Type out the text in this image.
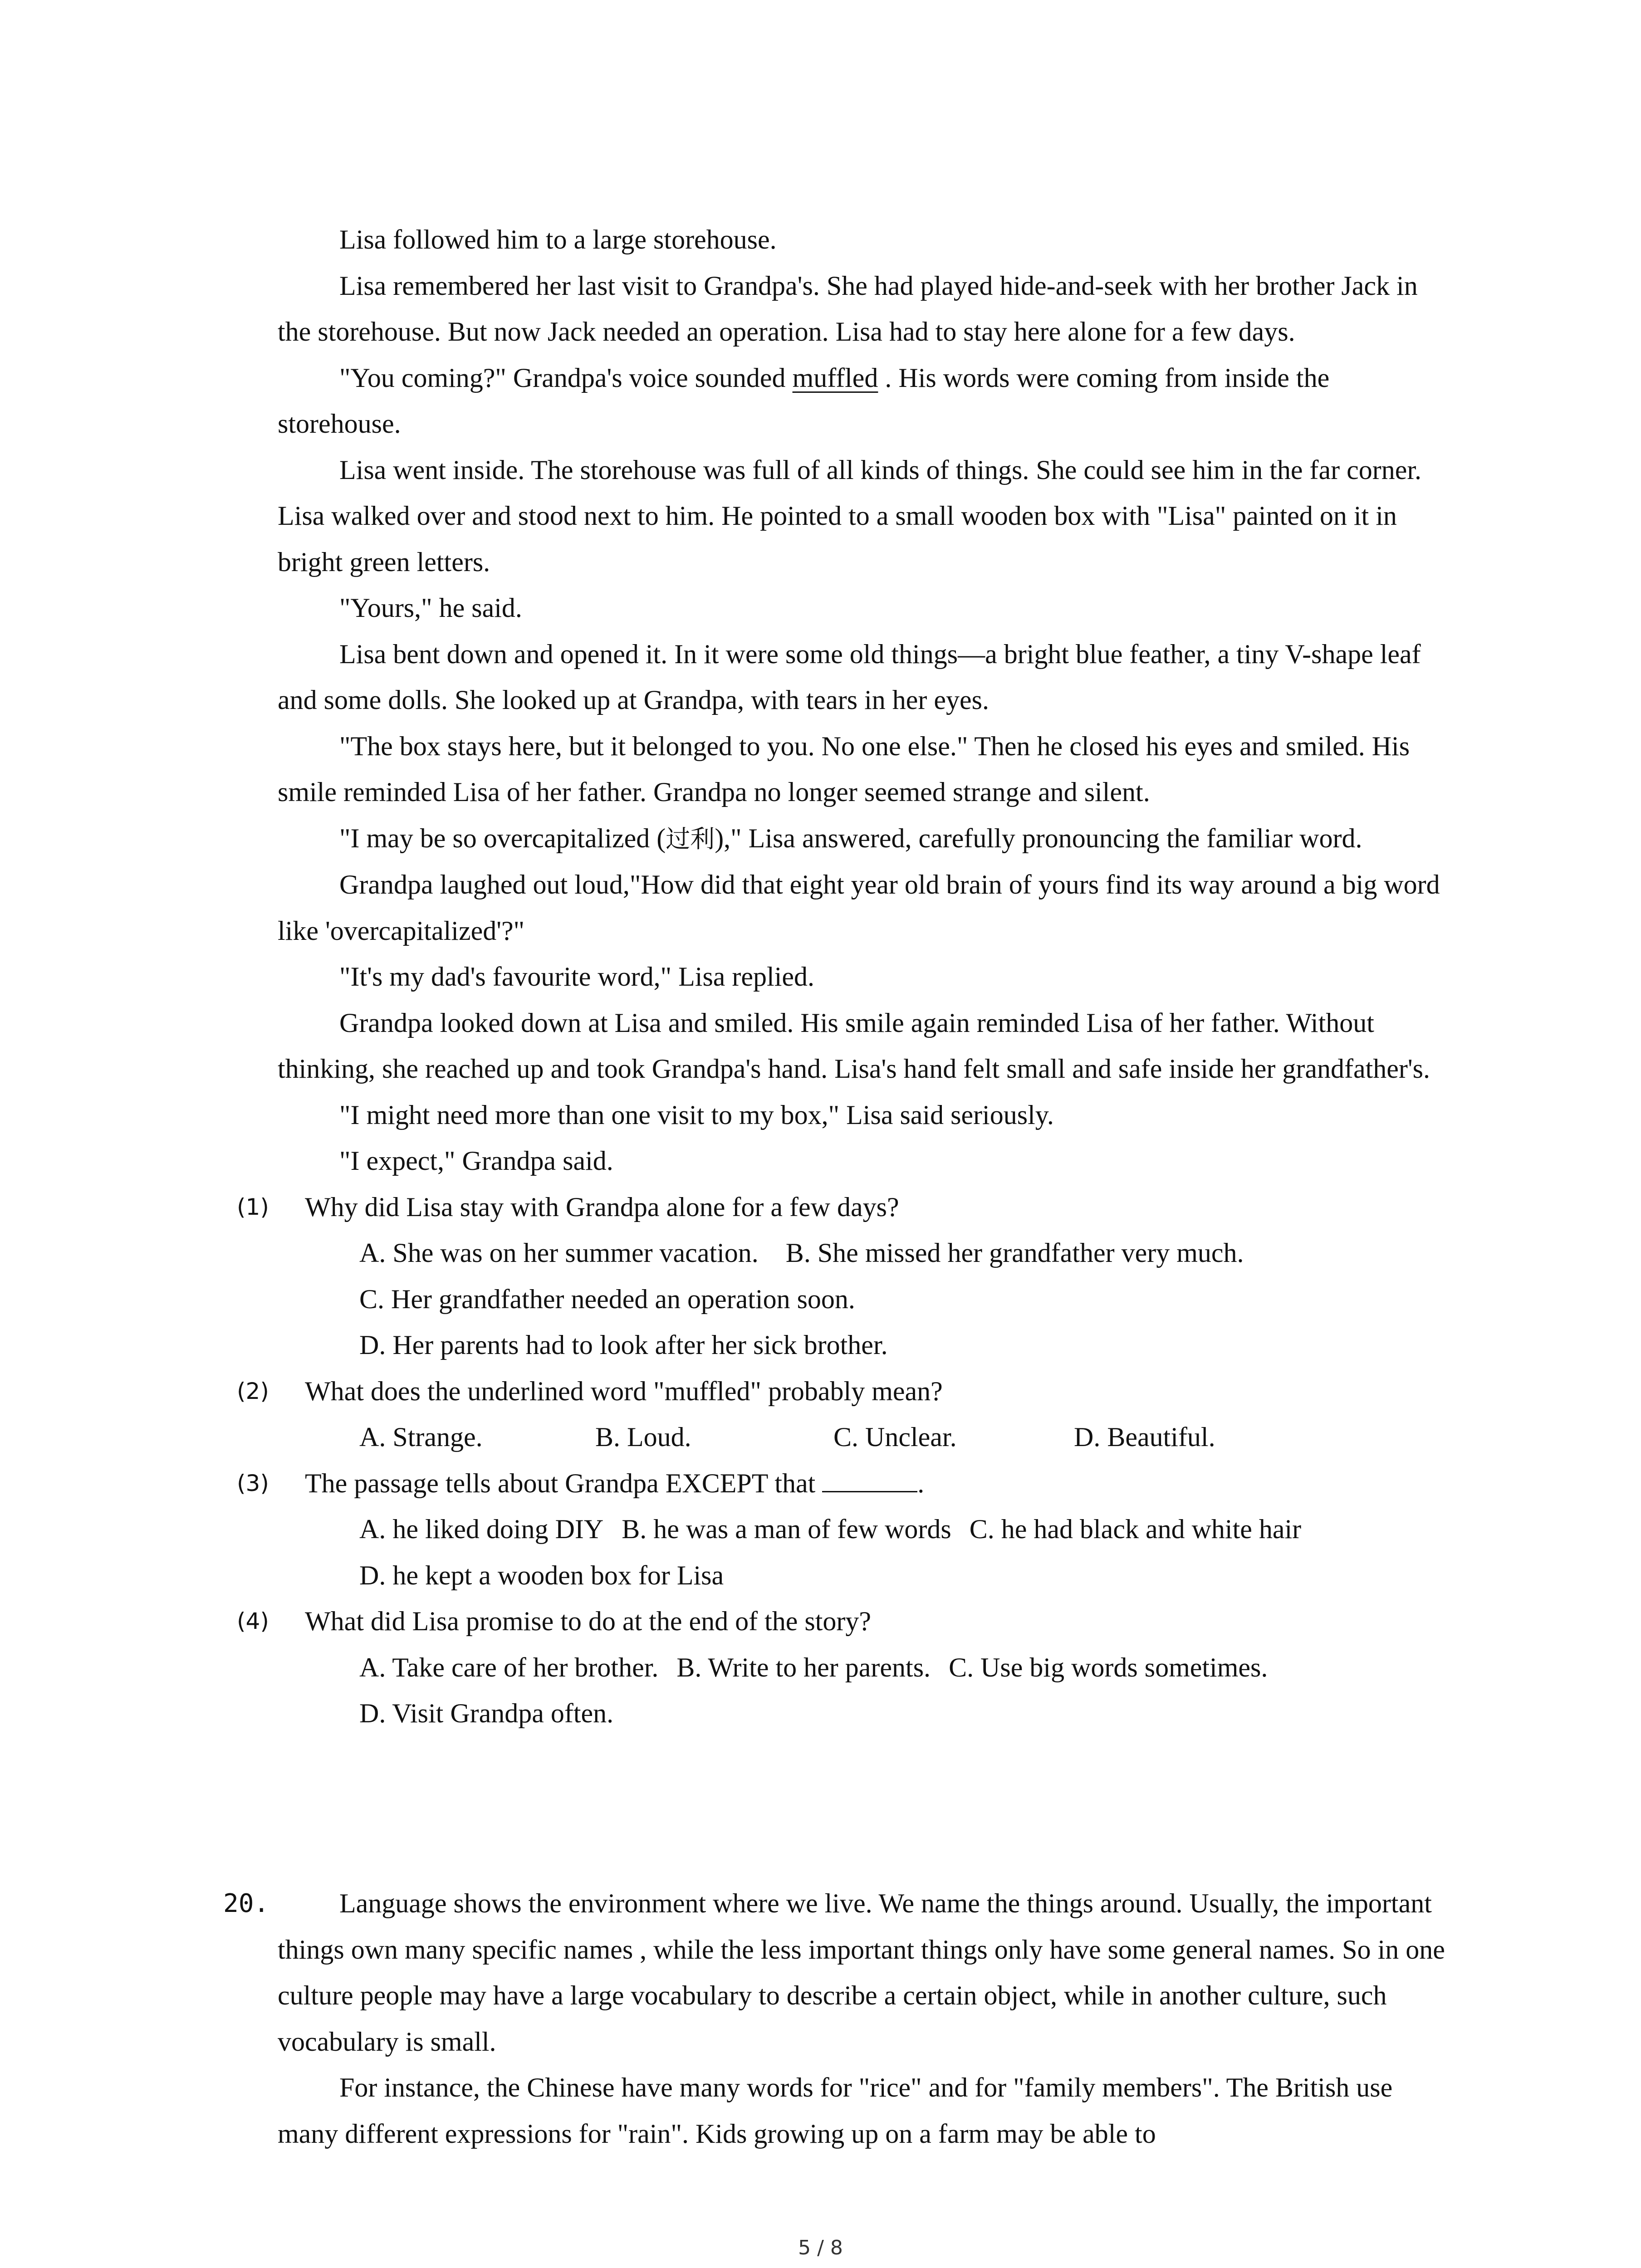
Lisa followed him to a large storehouse.

Lisa remembered her last visit to Grandpa's. She had played hide-and-seek with her brother Jack in the storehouse. But now Jack needed an operation. Lisa had to stay here alone for a few days.

"You coming?" Grandpa's voice sounded muffled . His words were coming from inside the storehouse.

Lisa went inside. The storehouse was full of all kinds of things. She could see him in the far corner. Lisa walked over and stood next to him. He pointed to a small wooden box with "Lisa" painted on it in bright green letters.

"Yours," he said.

Lisa bent down and opened it. In it were some old things—a bright blue feather, a tiny V-shape leaf and some dolls. She looked up at Grandpa, with tears in her eyes.

"The box stays here, but it belonged to you. No one else." Then he closed his eyes and smiled. His smile reminded Lisa of her father. Grandpa no longer seemed strange and silent.

"I may be so overcapitalized (过利)," Lisa answered, carefully pronouncing the familiar word.

Grandpa laughed out loud,"How did that eight year old brain of yours find its way around a big word like 'overcapitalized'?"

"It's my dad's favourite word," Lisa replied.

Grandpa looked down at Lisa and smiled. His smile again reminded Lisa of her father. Without thinking, she reached up and took Grandpa's hand. Lisa's hand felt small and safe inside her grandfather's.

"I might need more than one visit to my box," Lisa said seriously.

"I expect," Grandpa said.

(1)	Why did Lisa stay with Grandpa alone for a few days?

A. She was on her summer vacation. B. She missed her grandfather very much.

C. Her grandfather needed an operation soon.

D. Her parents had to look after her sick brother.

(2)	What does the underlined word "muffled" probably mean?

A. Strange.	B. Loud.	C. Unclear.	D. Beautiful.

(3)	The passage tells about Grandpa EXCEPT that	.

A. he liked doing DIY B. he was a man of few words C. he had black and white hair

D. he kept a wooden box for Lisa

(4)	What did Lisa promise to do at the end of the story?

A. Take care of her brother. B. Write to her parents. C. Use big words sometimes.

D. Visit Grandpa often.

20.	Language shows the environment where we live. We name the things around. Usually, the important things own many specific names , while the less important things only have some general names. So in one culture people may have a large vocabulary to describe a certain object, while in another culture, such vocabulary is small.

For instance, the Chinese have many words for "rice" and for "family members". The British use many different expressions for "rain". Kids growing up on a farm may be able to

5 / 8
